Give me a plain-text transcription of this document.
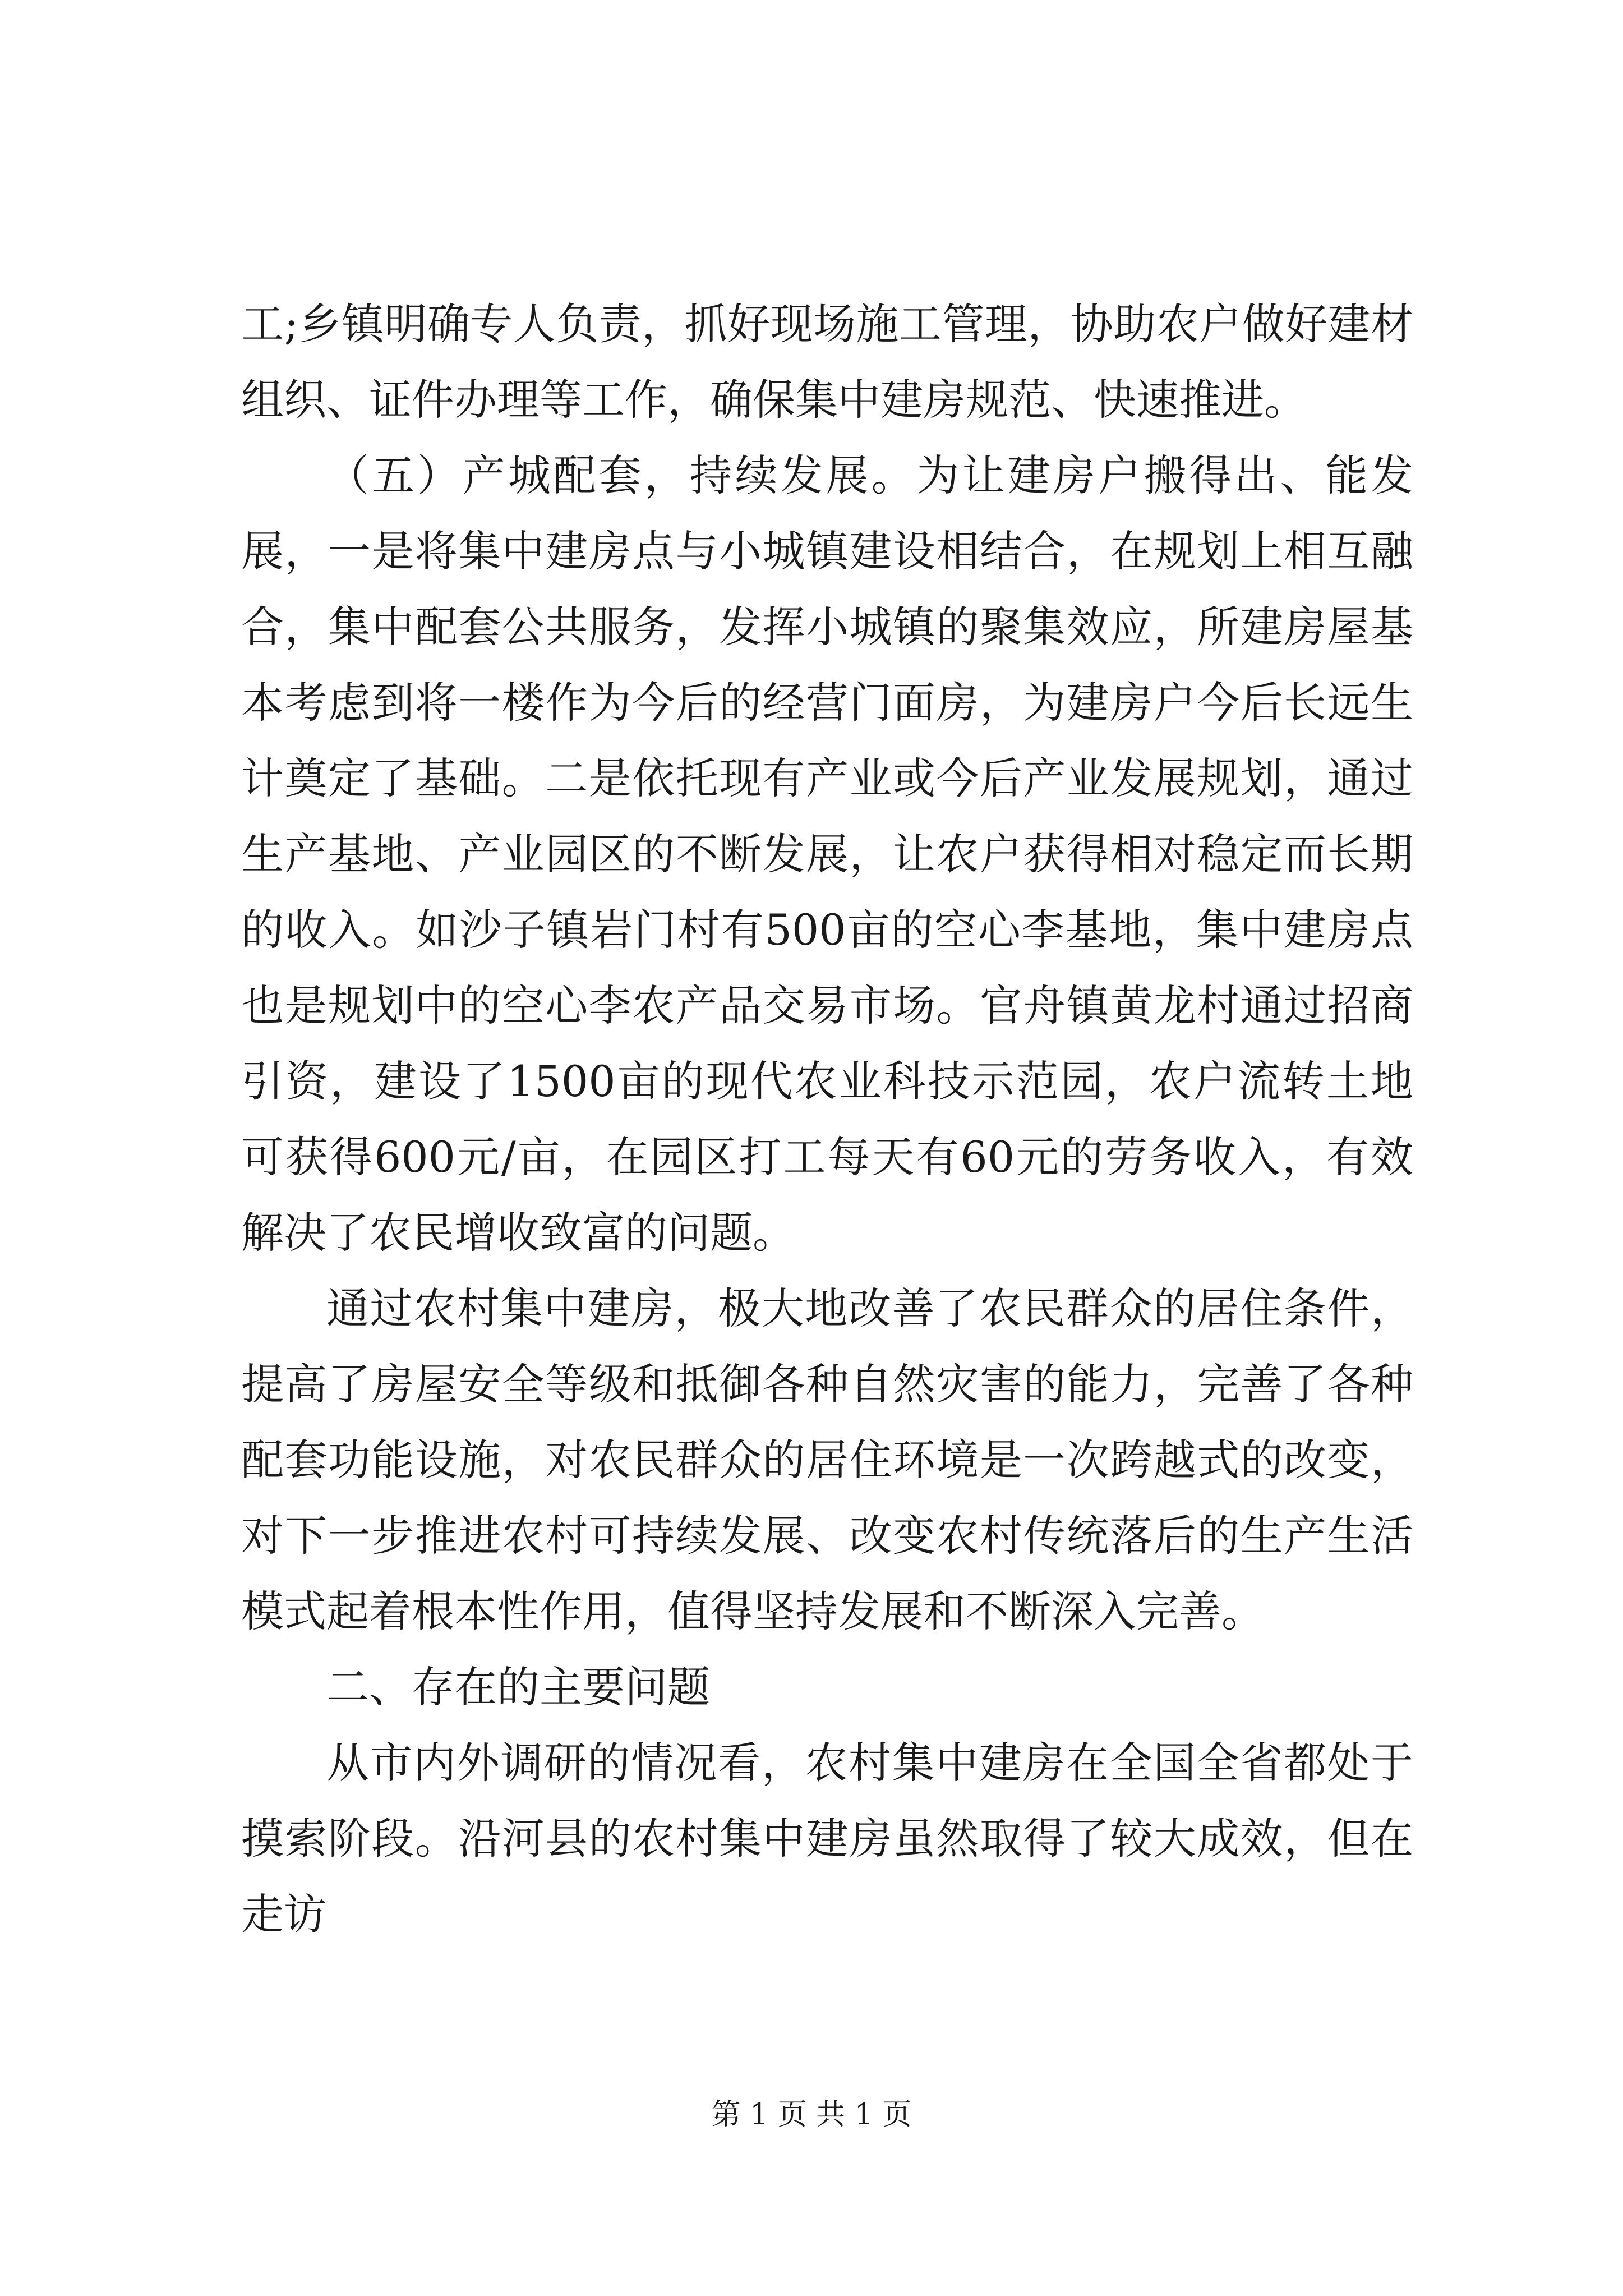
工;乡镇明确专人负责，抓好现场施工管理，协助农户做好建材组织、证件办理等工作，确保集中建房规范、快速推进。

（五）产城配套，持续发展。为让建房户搬得出、能发展，一是将集中建房点与小城镇建设相结合，在规划上相互融合，集中配套公共服务，发挥小城镇的聚集效应，所建房屋基本考虑到将一楼作为今后的经营门面房，为建房户今后长远生计奠定了基础。二是依托现有产业或今后产业发展规划，通过生产基地、产业园区的不断发展，让农户获得相对稳定而长期的收入。如沙子镇岩门村有500亩的空心李基地，集中建房点也是规划中的空心李农产品交易市场。官舟镇黄龙村通过招商引资，建设了1500亩的现代农业科技示范园，农户流转土地可获得600元/亩，在园区打工每天有60元的劳务收入，有效解决了农民增收致富的问题。

通过农村集中建房，极大地改善了农民群众的居住条件，提高了房屋安全等级和抵御各种自然灾害的能力，完善了各种配套功能设施，对农民群众的居住环境是一次跨越式的改变，对下一步推进农村可持续发展、改变农村传统落后的生产生活模式起着根本性作用，值得坚持发展和不断深入完善。

二、存在的主要问题

从市内外调研的情况看，农村集中建房在全国全省都处于摸索阶段。沿河县的农村集中建房虽然取得了较大成效，但在走访

第 1 页 共 1 页
